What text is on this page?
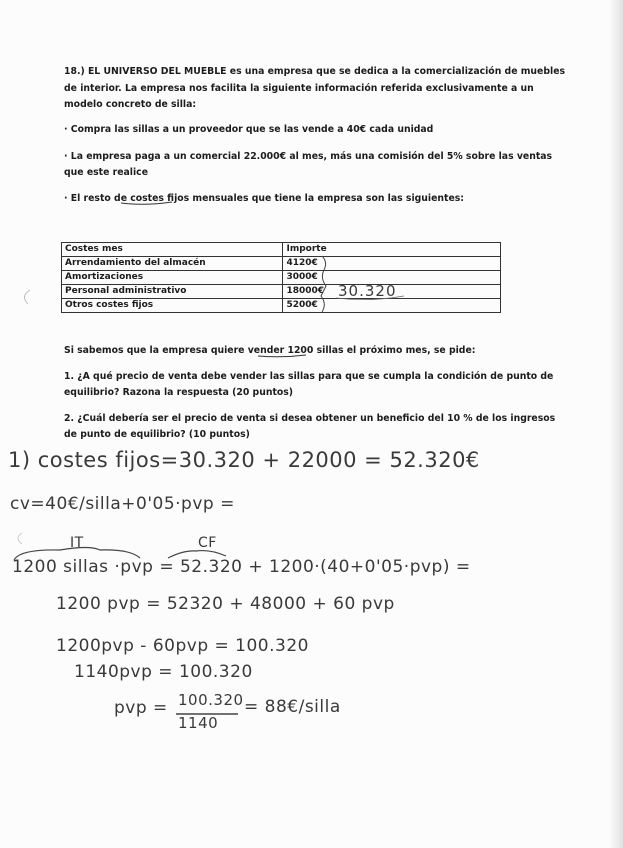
18.) EL UNIVERSO DEL MUEBLE es una empresa que se dedica a la comercialización de muebles
de interior. La empresa nos facilita la siguiente información referida exclusivamente a un
modelo concreto de silla:
· Compra las sillas a un proveedor que se las vende a 40€ cada unidad
· La empresa paga a un comercial 22.000€ al mes, más una comisión del 5% sobre las ventas
que este realice
· El resto de costes fijos mensuales que tiene la empresa son las siguientes:
Costes mes	Importe
Arrendamiento del almacén	4120€
Amortizaciones	3000€
Personal administrativo	18000€
Otros costes fijos	5200€
30.320
Si sabemos que la empresa quiere vender 1200 sillas el próximo mes, se pide:
1. ¿A qué precio de venta debe vender las sillas para que se cumpla la condición de punto de
equilibrio? Razona la respuesta (20 puntos)
2. ¿Cuál debería ser el precio de venta si desea obtener un beneficio del 10 % de los ingresos
de punto de equilibrio? (10 puntos)
1) costes fijos=30.320 + 22000 = 52.320€
cv=40€/silla+0'05·pvp =
IT	CF
1200 sillas ·pvp = 52.320 + 1200·(40+0'05·pvp) =
1200 pvp = 52320 + 48000 + 60 pvp
1200pvp - 60pvp = 100.320
1140pvp = 100.320
pvp = 100.320
1140
= 88€/silla
